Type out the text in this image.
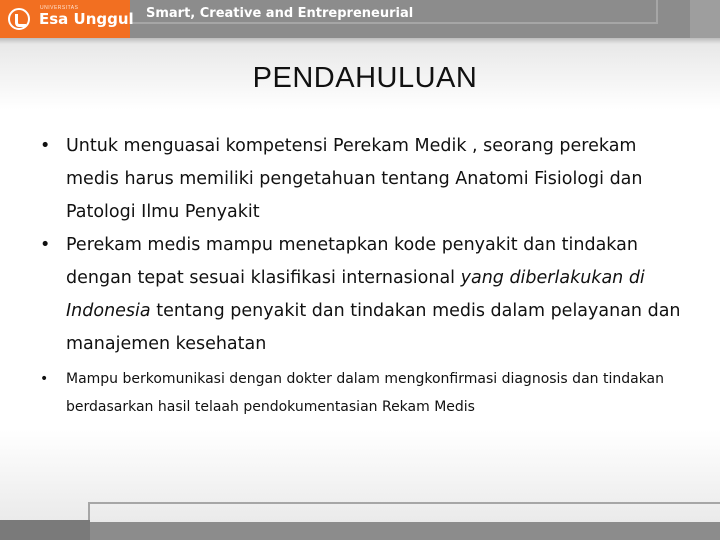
UNIVERSITAS
Esa Unggul Smart, Creative and Entrepreneurial
PENDAHULUAN
• Untuk menguasai kompetensi Perekam Medik , seorang perekam medis harus memiliki pengetahuan tentang Anatomi Fisiologi dan Patologi Ilmu Penyakit
• Perekam medis mampu menetapkan kode penyakit dan tindakan dengan tepat sesuai klasifikasi internasional yang diberlakukan di Indonesia tentang penyakit dan tindakan medis dalam pelayanan dan manajemen kesehatan
• Mampu berkomunikasi dengan dokter dalam mengkonfirmasi diagnosis dan tindakan berdasarkan hasil telaah pendokumentasian Rekam Medis
